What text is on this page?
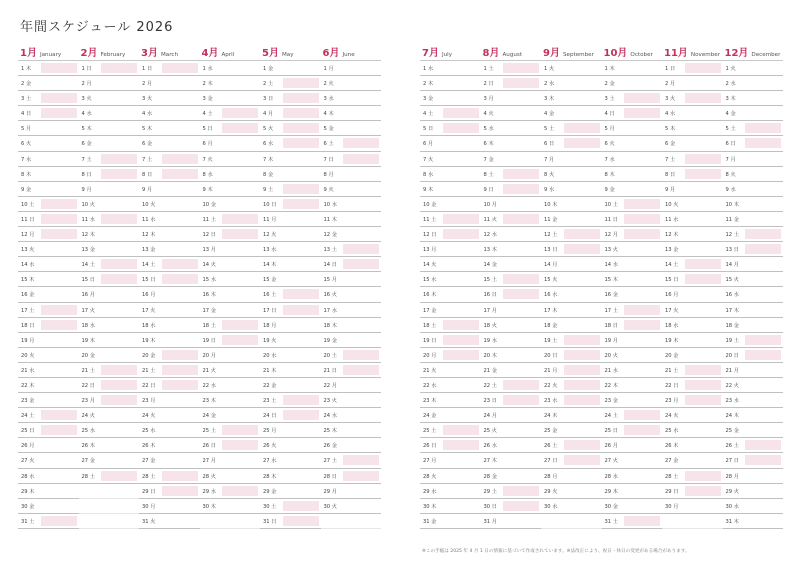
年間スケジュール 2026
1月 January
1 木
2 金
3 土
4 日
5 月
6 火
7 水
8 木
9 金
10 土
11 日
12 月
13 火
14 水
15 木
16 金
17 土
18 日
19 月
20 火
21 水
22 木
23 金
24 土
25 日
26 月
27 火
28 水
29 木
30 金
31 土
2月 February
1 日
2 月
3 火
4 水
5 木
6 金
7 土
8 日
9 月
10 火
11 水
12 木
13 金
14 土
15 日
16 月
17 火
18 水
19 木
20 金
21 土
22 日
23 月
24 火
25 水
26 木
27 金
28 土
3月 March
1 日
2 月
3 火
4 水
5 木
6 金
7 土
8 日
9 月
10 火
11 水
12 木
13 金
14 土
15 日
16 月
17 火
18 水
19 木
20 金
21 土
22 日
23 月
24 火
25 水
26 木
27 金
28 土
29 日
30 月
31 火
4月 April
1 水
2 木
3 金
4 土
5 日
6 月
7 火
8 水
9 木
10 金
11 土
12 日
13 月
14 火
15 水
16 木
17 金
18 土
19 日
20 月
21 火
22 水
23 木
24 金
25 土
26 日
27 月
28 火
29 水
30 木
5月 May
1 金
2 土
3 日
4 月
5 火
6 水
7 木
8 金
9 土
10 日
11 月
12 火
13 水
14 木
15 金
16 土
17 日
18 月
19 火
20 水
21 木
22 金
23 土
24 日
25 月
26 火
27 水
28 木
29 金
30 土
31 日
6月 June
1 月
2 火
3 水
4 木
5 金
6 土
7 日
8 月
9 火
10 水
11 木
12 金
13 土
14 日
15 月
16 火
17 水
18 木
19 金
20 土
21 日
22 月
23 火
24 水
25 木
26 金
27 土
28 日
29 月
30 火
7月 July
1 水
2 木
3 金
4 土
5 日
6 月
7 火
8 水
9 木
10 金
11 土
12 日
13 月
14 火
15 水
16 木
17 金
18 土
19 日
20 月
21 火
22 水
23 木
24 金
25 土
26 日
27 月
28 火
29 水
30 木
31 金
8月 August
1 土
2 日
3 月
4 火
5 水
6 木
7 金
8 土
9 日
10 月
11 火
12 水
13 木
14 金
15 土
16 日
17 月
18 火
19 水
20 木
21 金
22 土
23 日
24 月
25 火
26 水
27 木
28 金
29 土
30 日
31 月
9月 September
1 火
2 水
3 木
4 金
5 土
6 日
7 月
8 火
9 水
10 木
11 金
12 土
13 日
14 月
15 火
16 水
17 木
18 金
19 土
20 日
21 月
22 火
23 水
24 木
25 金
26 土
27 日
28 月
29 火
30 水
10月 October
1 木
2 金
3 土
4 日
5 月
6 火
7 水
8 木
9 金
10 土
11 日
12 月
13 火
14 水
15 木
16 金
17 土
18 日
19 月
20 火
21 水
22 木
23 金
24 土
25 日
26 月
27 火
28 水
29 木
30 金
31 土
11月 November
1 日
2 月
3 火
4 水
5 木
6 金
7 土
8 日
9 月
10 火
11 水
12 木
13 金
14 土
15 日
16 月
17 火
18 水
19 木
20 金
21 土
22 日
23 月
24 火
25 水
26 木
27 金
28 土
29 日
30 月
12月 December
1 火
2 水
3 木
4 金
5 土
6 日
7 月
8 火
9 水
10 木
11 金
12 土
13 日
14 月
15 火
16 水
17 木
18 金
19 土
20 日
21 月
22 火
23 水
24 木
25 金
26 土
27 日
28 月
29 火
30 水
31 木
※この手帳は 2025 年 4 月 1 日の情報に基づいて作成されています。※法改正により、祝日・休日の変更がある場合があります。
